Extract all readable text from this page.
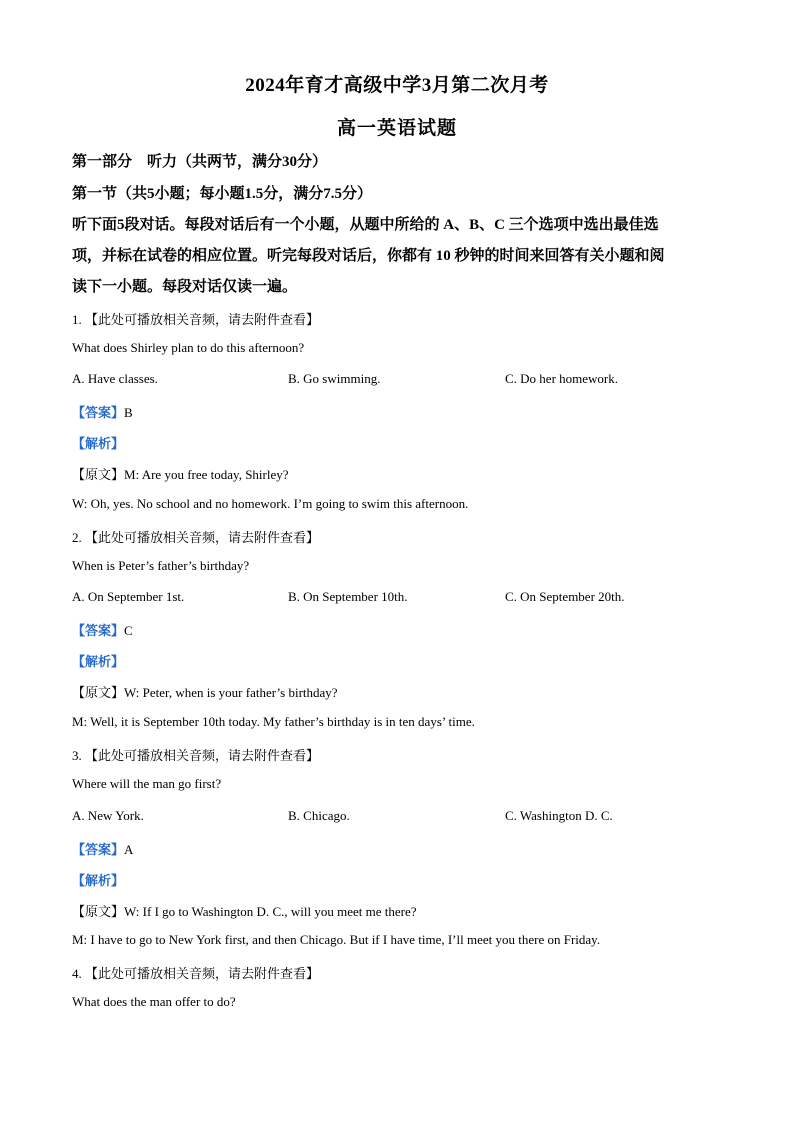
2024年育才高级中学3月第二次月考
高一英语试题
第一部分　听力（共两节，满分30分）
第一节（共5小题；每小题1.5分，满分7.5分）
听下面5段对话。每段对话后有一个小题，从题中所给的 A、B、C 三个选项中选出最佳选
项，并标在试卷的相应位置。听完每段对话后，你都有 10 秒钟的时间来回答有关小题和阅
读下一小题。每段对话仅读一遍。
1. 【此处可播放相关音频，请去附件查看】
What does Shirley plan to do this afternoon?
A. Have classes.	B. Go swimming.	C. Do her homework.
【答案】B
【解析】
【原文】M: Are you free today, Shirley?
W: Oh, yes. No school and no homework. I’m going to swim this afternoon.
2. 【此处可播放相关音频，请去附件查看】
When is Peter’s father’s birthday?
A. On September 1st.	B. On September 10th.	C. On September 20th.
【答案】C
【解析】
【原文】W: Peter, when is your father’s birthday?
M: Well, it is September 10th today. My father’s birthday is in ten days’ time.
3. 【此处可播放相关音频，请去附件查看】
Where will the man go first?
A. New York.	B. Chicago.	C. Washington D. C.
【答案】A
【解析】
【原文】W: If I go to Washington D. C., will you meet me there?
M: I have to go to New York first, and then Chicago. But if I have time, I’ll meet you there on Friday.
4. 【此处可播放相关音频，请去附件查看】
What does the man offer to do?
